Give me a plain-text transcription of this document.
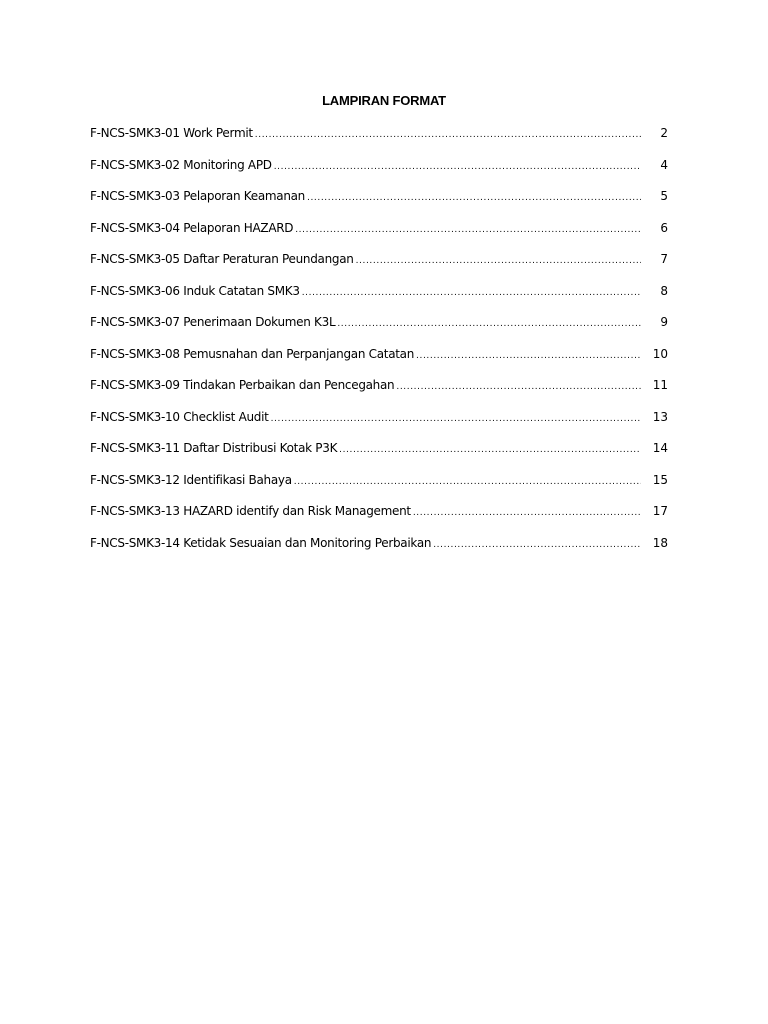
LAMPIRAN FORMAT
F-NCS-SMK3-01 Work Permit .....	2
F-NCS-SMK3-02 Monitoring APD .....	4
F-NCS-SMK3-03 Pelaporan Keamanan .....	5
F-NCS-SMK3-04 Pelaporan HAZARD .....	6
F-NCS-SMK3-05 Daftar Peraturan Peundangan .....	7
F-NCS-SMK3-06 Induk Catatan SMK3 .....	8
F-NCS-SMK3-07 Penerimaan Dokumen K3L .....	9
F-NCS-SMK3-08 Pemusnahan dan Perpanjangan Catatan .....	10
F-NCS-SMK3-09 Tindakan Perbaikan dan Pencegahan .....	11
F-NCS-SMK3-10 Checklist Audit .....	13
F-NCS-SMK3-11 Daftar Distribusi Kotak P3K .....	14
F-NCS-SMK3-12 Identifikasi Bahaya .....	15
F-NCS-SMK3-13 HAZARD identify dan Risk Management .....	17
F-NCS-SMK3-14 Ketidak Sesuaian dan Monitoring Perbaikan .....	18
